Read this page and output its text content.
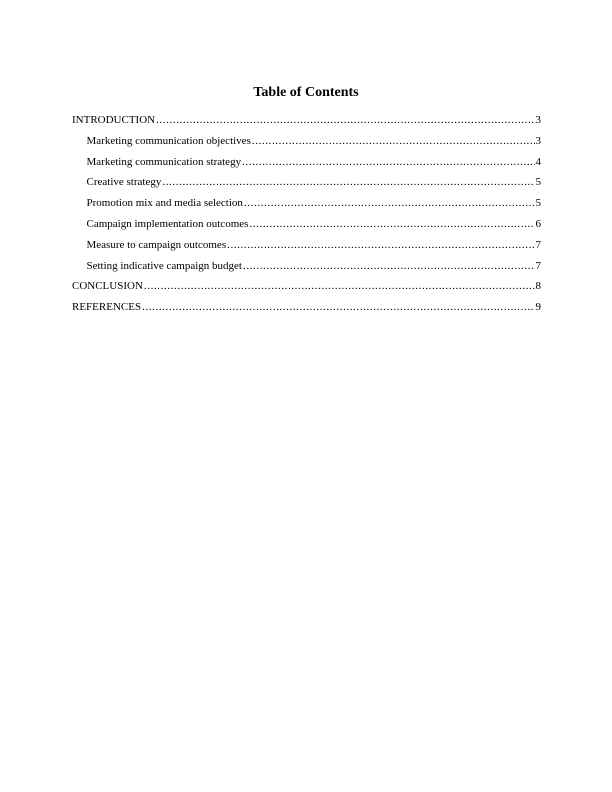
Table of Contents
INTRODUCTION .....	3
Marketing communication objectives .....	3
Marketing communication strategy .....	4
Creative strategy .....	5
Promotion mix and media selection .....	5
Campaign implementation outcomes .....	6
Measure to campaign outcomes .....	7
Setting indicative campaign budget .....	7
CONCLUSION .....	8
REFERENCES .....	9
